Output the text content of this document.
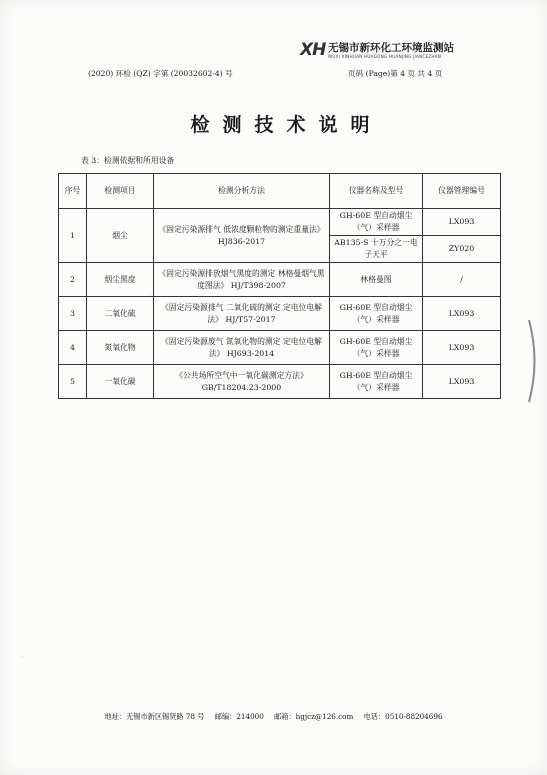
XH 无锡市新环化工环境监测站
WUXI XINHUAN HUAGONG HUANJING JIANCEZHAN
(2020) 环检 (QZ) 字第 (20032602-4) 号	页码 (Page)第 4 页 共 4 页
检测技术说明
表 3：检测依据和所用设备
序号	检测项目	检测分析方法	仪器名称及型号	仪器管理编号
1	烟尘	《固定污染源排气 低浓度颗粒物的测定重量法》 HJ836-2017	GH-60E 型自动烟尘（气）采样器	LX093
			AB135-S 十万分之一电子天平	ZY020
2	烟尘黑度	《固定污染源排放烟气黑度的测定 林格曼烟气黑度图法》 HJ/T398-2007	林格曼图	/
3	二氧化硫	《固定污染源排气 二氧化硫的测定 定电位电解法》 HJ/T57-2017	GH-60E 型自动烟尘（气）采样器	LX093
4	氮氧化物	《固定污染源废气 氮氧化物的测定 定电位电解法》 HJ693-2014	GH-60E 型自动烟尘（气）采样器	LX093
5	一氧化碳	《公共场所空气中一氧化碳测定方法》 GB/T18204.23-2000	GH-60E 型自动烟尘（气）采样器	LX093
·
·
地址：无锡市新区锡贤路 78 号 邮编：214000 邮箱：hgjcz@126.com 电话：0510-88204696
